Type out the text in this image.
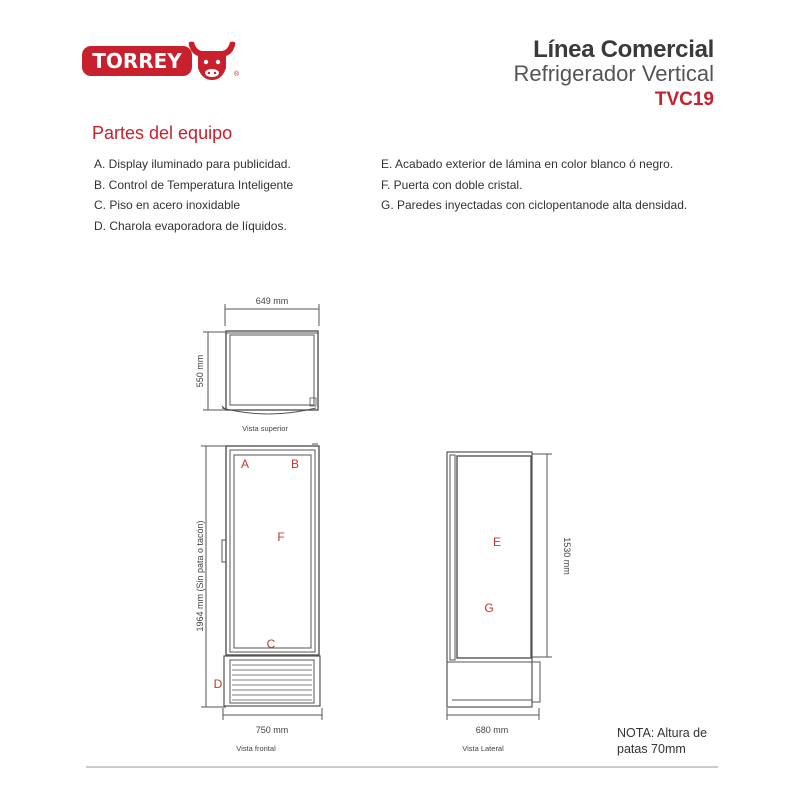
TORREY
®
Línea Comercial
Refrigerador Vertical
TVC19
Partes del equipo
A. Display iluminado para publicidad.
B. Control de Temperatura Inteligente
C. Piso en acero inoxidable
D. Charola evaporadora de líquidos.
E. Acabado exterior de lámina en color blanco ó negro.
F. Puerta con doble cristal.
G. Paredes inyectadas con ciclopentanode alta densidad.
649 mm
550 mm
Vista superior
1964 mm (Sin pata o tacón)
750 mm
Vista frontal
1530 mm
680 mm
Vista Lateral
A	B
F
C
D
E
G
NOTA: Altura de
patas 70mm
